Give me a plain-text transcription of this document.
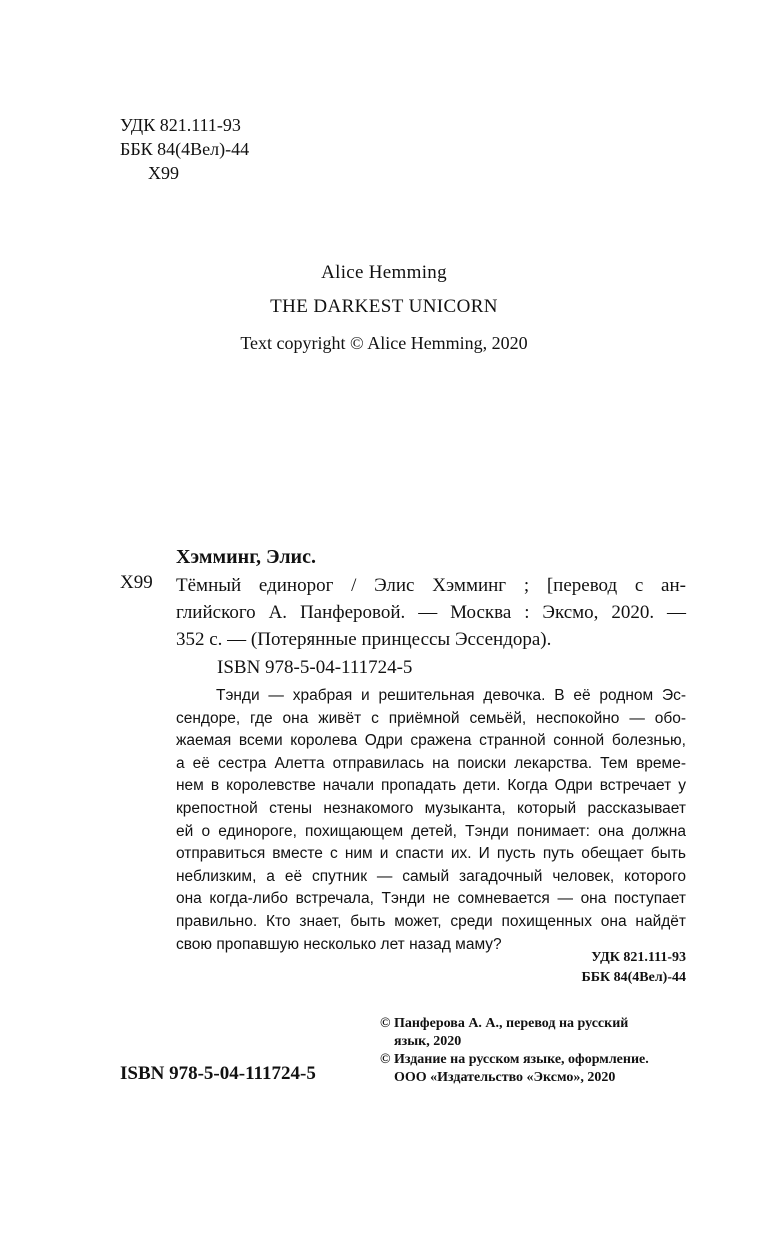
УДК 821.111-93
ББК 84(4Вел)-44
Х99
Alice Hemming
THE DARKEST UNICORN
Text copyright © Alice Hemming, 2020
Хэмминг, Элис.
Х99 Тёмный единорог / Элис Хэмминг ; [перевод с ан-
глийского А. Панферовой. — Москва : Эксмо, 2020. —
352 с. — (Потерянные принцессы Эссендора).
ISBN 978-5-04-111724-5
Тэнди — храбрая и решительная девочка. В её родном Эс-
сендоре, где она живёт с приёмной семьёй, неспокойно — обо-
жаемая всеми королева Одри сражена странной сонной болезнью,
а её сестра Алетта отправилась на поиски лекарства. Тем време-
нем в королевстве начали пропадать дети. Когда Одри встречает у
крепостной стены незнакомого музыканта, который рассказывает
ей о единороге, похищающем детей, Тэнди понимает: она должна
отправиться вместе с ним и спасти их. И пусть путь обещает быть
неблизким, а её спутник — самый загадочный человек, которого
она когда-либо встречала, Тэнди не сомневается — она поступает
правильно. Кто знает, быть может, среди похищенных она найдёт
свою пропавшую несколько лет назад маму?
УДК 821.111-93
ББК 84(4Вел)-44
© Панферова А. А., перевод на русский
язык, 2020
© Издание на русском языке, оформление.
ООО «Издательство «Эксмо», 2020
ISBN 978-5-04-111724-5
